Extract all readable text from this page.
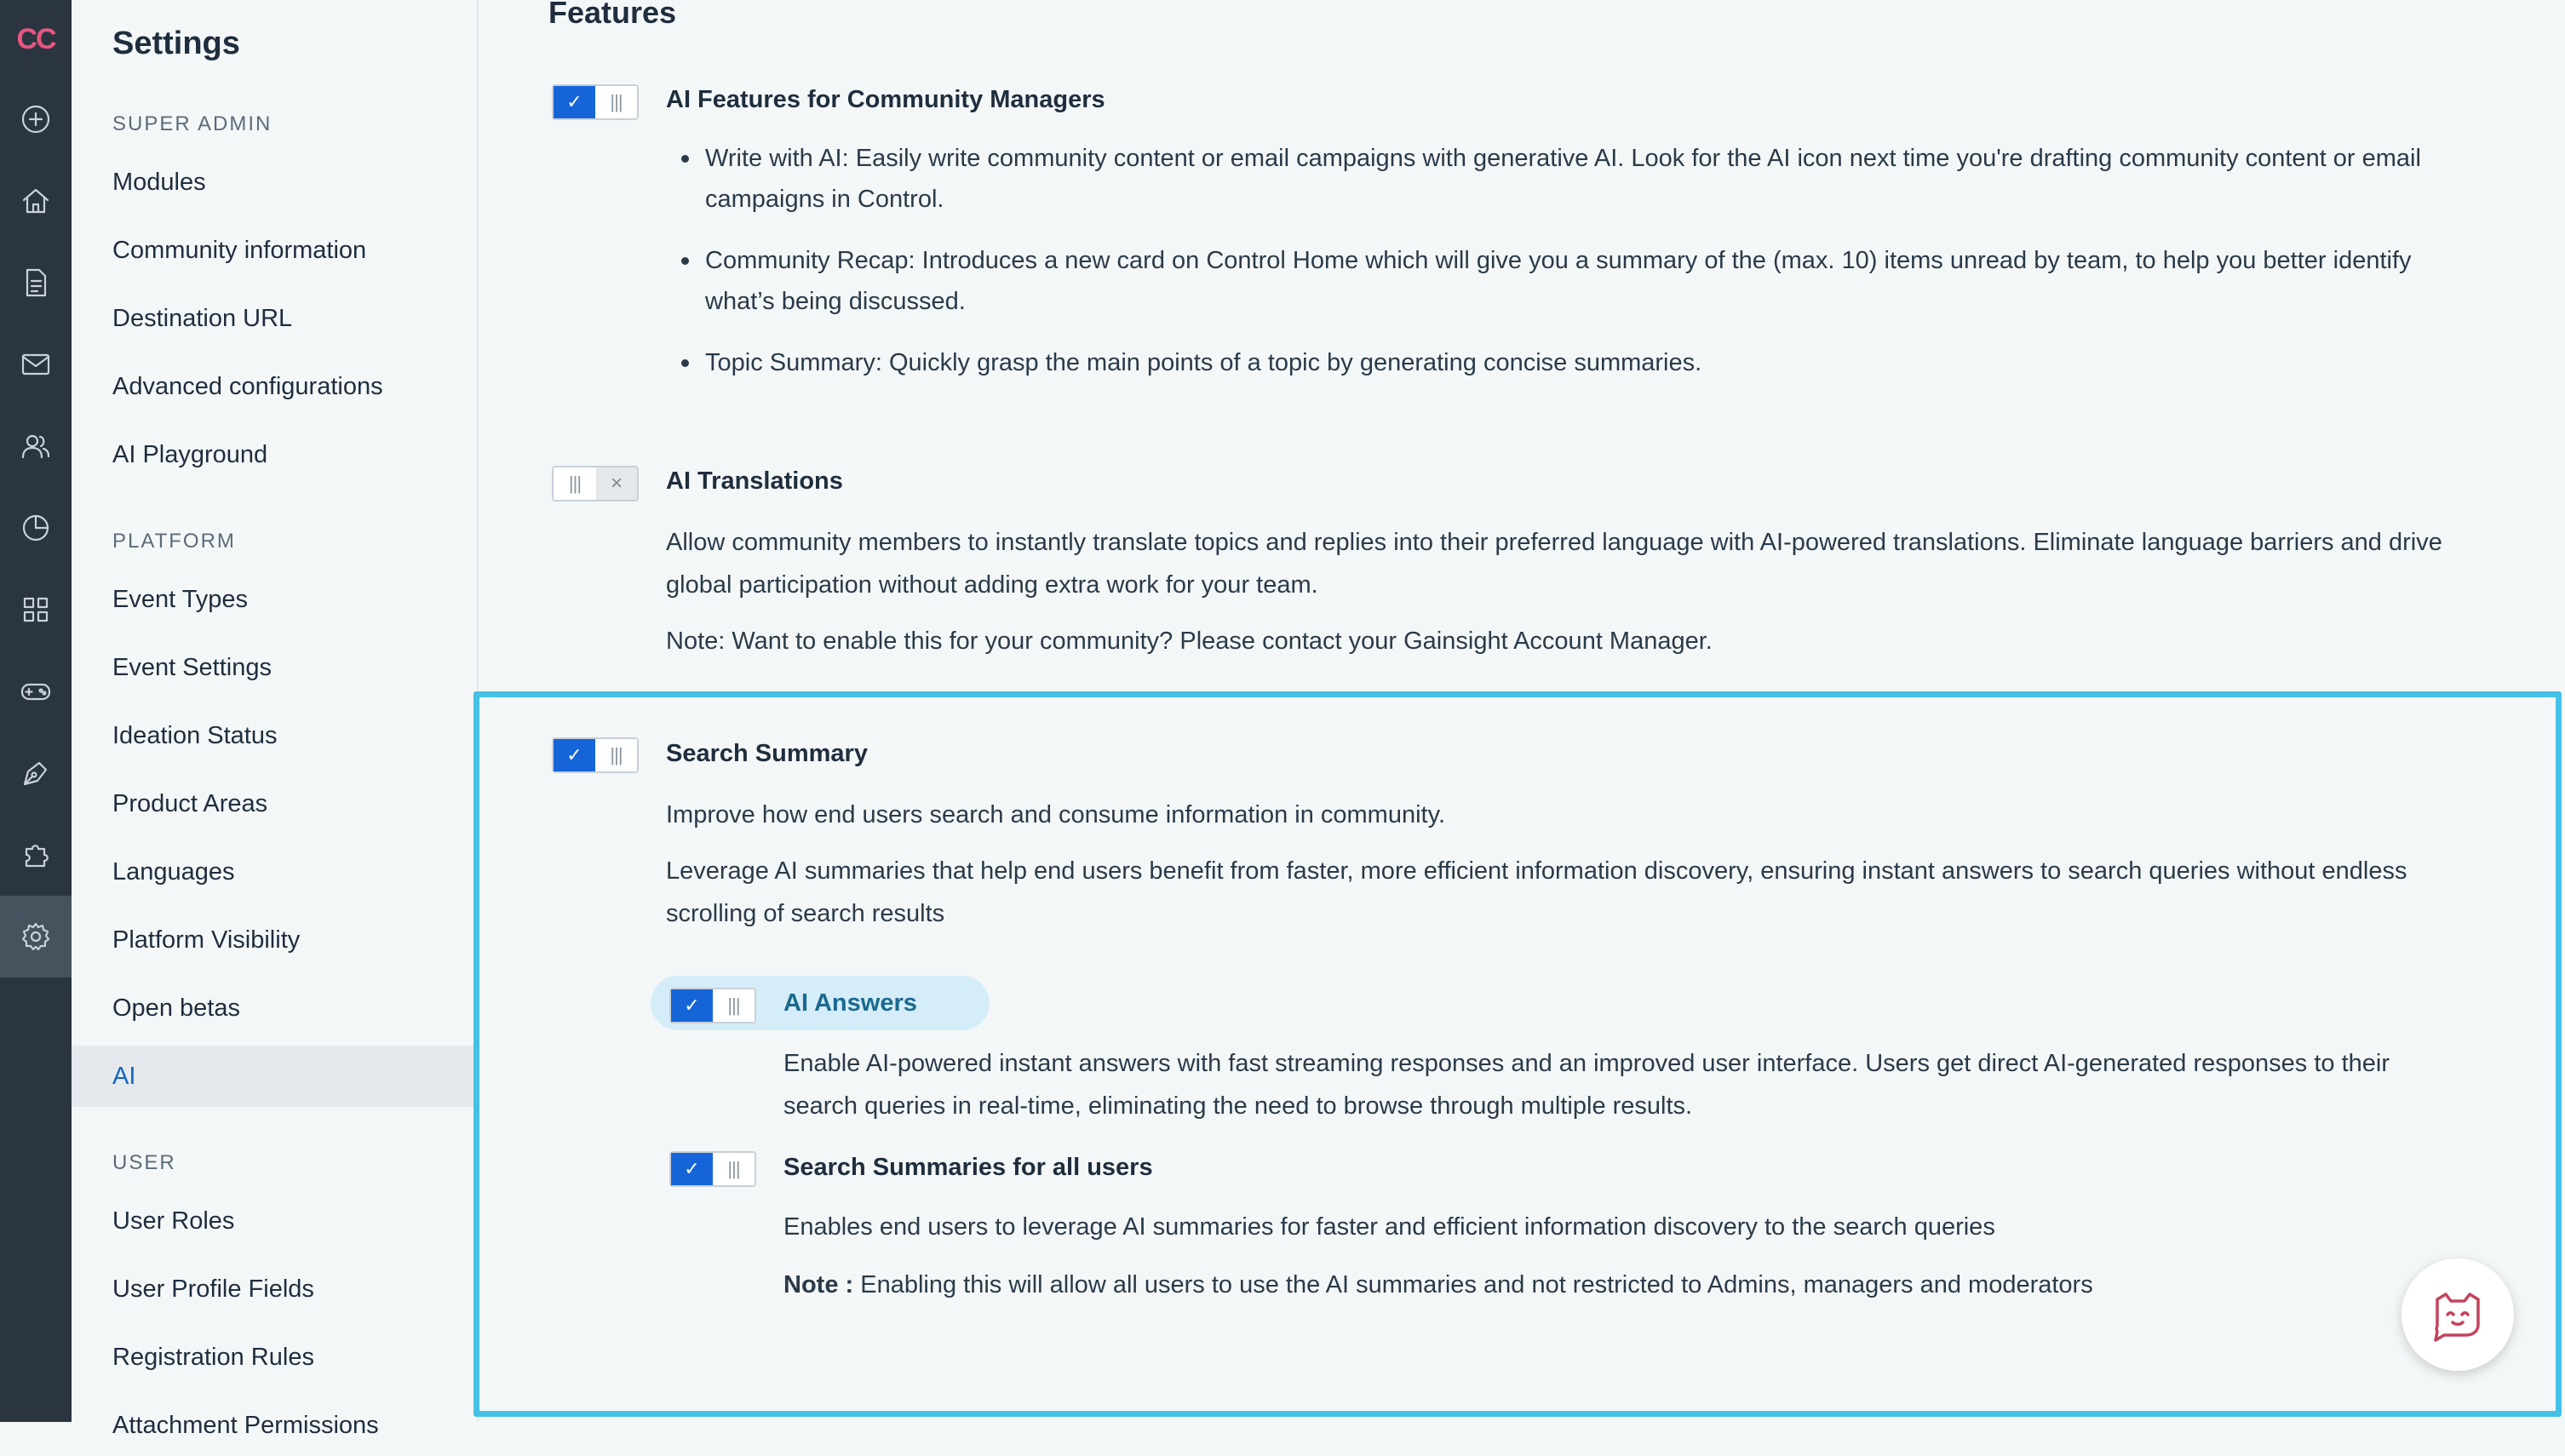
CC	Settings
SUPER ADMIN
Modules
Community information
Destination URL
Advanced configurations
AI Playground
PLATFORM
Event Types
Event Settings
Ideation Status
Product Areas
Languages
Platform Visibility
Open betas
AI
USER
User Roles
User Profile Fields
Registration Rules
Attachment Permissions
Features
✓	|||	AI Features for Community Managers
Write with AI: Easily write community content or email campaigns with generative AI. Look for the AI icon next time you're drafting community content or email campaigns in Control.
Community Recap: Introduces a new card on Control Home which will give you a summary of the (max. 10) items unread by team, to help you better identify what’s being discussed.
Topic Summary: Quickly grasp the main points of a topic by generating concise summaries.
|||	×	AI Translations
Allow community members to instantly translate topics and replies into their preferred language with AI-powered translations. Eliminate language barriers and drive global participation without adding extra work for your team.
Note: Want to enable this for your community? Please contact your Gainsight Account Manager.
✓	|||	Search Summary
Improve how end users search and consume information in community.
Leverage AI summaries that help end users benefit from faster, more efficient information discovery, ensuring instant answers to search queries without endless scrolling of search results
✓	|||	AI Answers
Enable AI-powered instant answers with fast streaming responses and an improved user interface. Users get direct AI-generated responses to their search queries in real-time, eliminating the need to browse through multiple results.
✓	|||	Search Summaries for all users
Enables end users to leverage AI summaries for faster and efficient information discovery to the search queries
Note : Enabling this will allow all users to use the AI summaries and not restricted to Admins, managers and moderators
